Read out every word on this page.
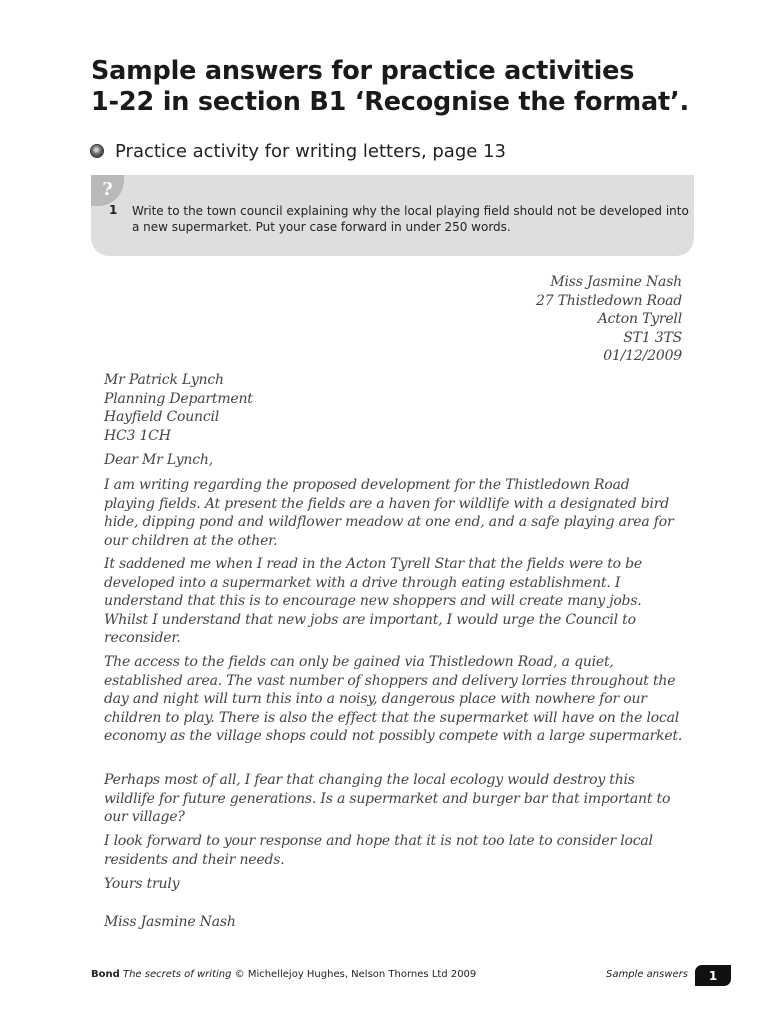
Sample answers for practice activities
1-22 in section B1 ‘Recognise the format’.
Practice activity for writing letters, page 13
?
1 Write to the town council explaining why the local playing field should not be developed into a new supermarket. Put your case forward in under 250 words.
Miss Jasmine Nash
27 Thistledown Road
Acton Tyrell
ST1 3TS
01/12/2009
Mr Patrick Lynch
Planning Department
Hayfield Council
HC3 1CH
Dear Mr Lynch,
I am writing regarding the proposed development for the Thistledown Road playing fields. At present the fields are a haven for wildlife with a designated bird hide, dipping pond and wildflower meadow at one end, and a safe playing area for our children at the other.
It saddened me when I read in the Acton Tyrell Star that the fields were to be developed into a supermarket with a drive through eating establishment. I understand that this is to encourage new shoppers and will create many jobs. Whilst I understand that new jobs are important, I would urge the Council to reconsider.
The access to the fields can only be gained via Thistledown Road, a quiet, established area. The vast number of shoppers and delivery lorries throughout the day and night will turn this into a noisy, dangerous place with nowhere for our children to play. There is also the effect that the supermarket will have on the local economy as the village shops could not possibly compete with a large supermarket.
Perhaps most of all, I fear that changing the local ecology would destroy this wildlife for future generations. Is a supermarket and burger bar that important to our village?
I look forward to your response and hope that it is not too late to consider local residents and their needs.
Yours truly
Miss Jasmine Nash
Bond The secrets of writing © Michellejoy Hughes, Nelson Thornes Ltd 2009	Sample answers 1
